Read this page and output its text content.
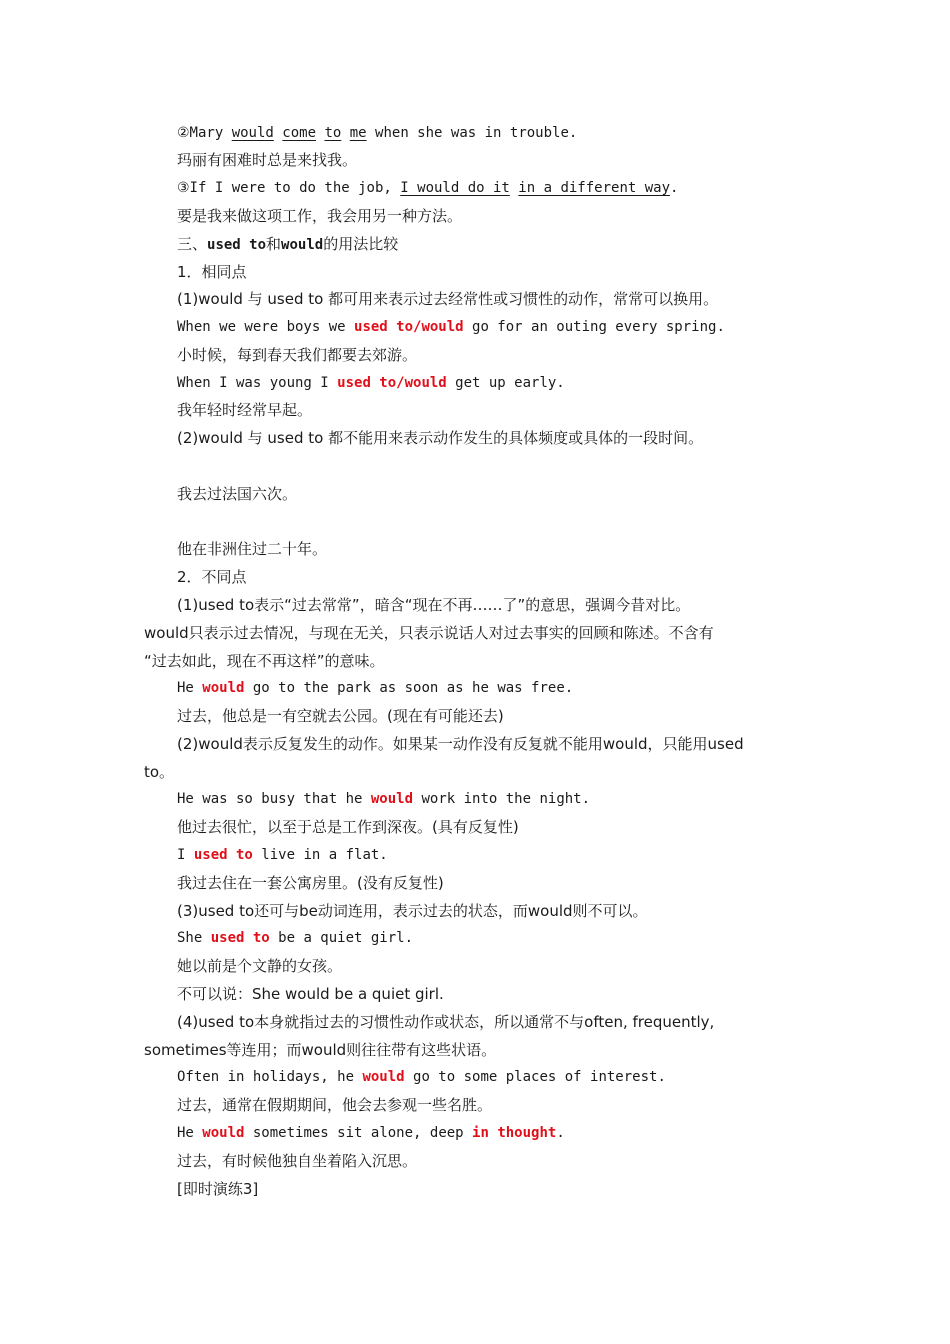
②Mary would come to me when she was in trouble.
玛丽有困难时总是来找我。
③If I were to do the job, I would do it in a different way.
要是我来做这项工作，我会用另一种方法。
三、used to和would的用法比较
1．相同点
(1)would 与 used to 都可用来表示过去经常性或习惯性的动作，常常可以换用。
When we were boys we used to/would go for an outing every spring.
小时候，每到春天我们都要去郊游。
When I was young I used to/would get up early.
我年轻时经常早起。
(2)would 与 used to 都不能用来表示动作发生的具体频度或具体的一段时间。
我去过法国六次。
他在非洲住过二十年。
2．不同点
(1)used to表示“过去常常”，暗含“现在不再……了”的意思，强调今昔对比。
would只表示过去情况，与现在无关，只表示说话人对过去事实的回顾和陈述。不含有
“过去如此，现在不再这样”的意味。
He would go to the park as soon as he was free.
过去，他总是一有空就去公园。(现在有可能还去)
(2)would表示反复发生的动作。如果某一动作没有反复就不能用would，只能用used
to。
He was so busy that he would work into the night.
他过去很忙，以至于总是工作到深夜。(具有反复性)
I used to live in a flat.
我过去住在一套公寓房里。(没有反复性)
(3)used to还可与be动词连用，表示过去的状态，而would则不可以。
She used to be a quiet girl.
她以前是个文静的女孩。
不可以说：She would be a quiet girl.
(4)used to本身就指过去的习惯性动作或状态，所以通常不与often, frequently,
sometimes等连用；而would则往往带有这些状语。
Often in holidays, he would go to some places of interest.
过去，通常在假期期间，他会去参观一些名胜。
He would sometimes sit alone, deep in thought.
过去，有时候他独自坐着陷入沉思。
[即时演练3]
